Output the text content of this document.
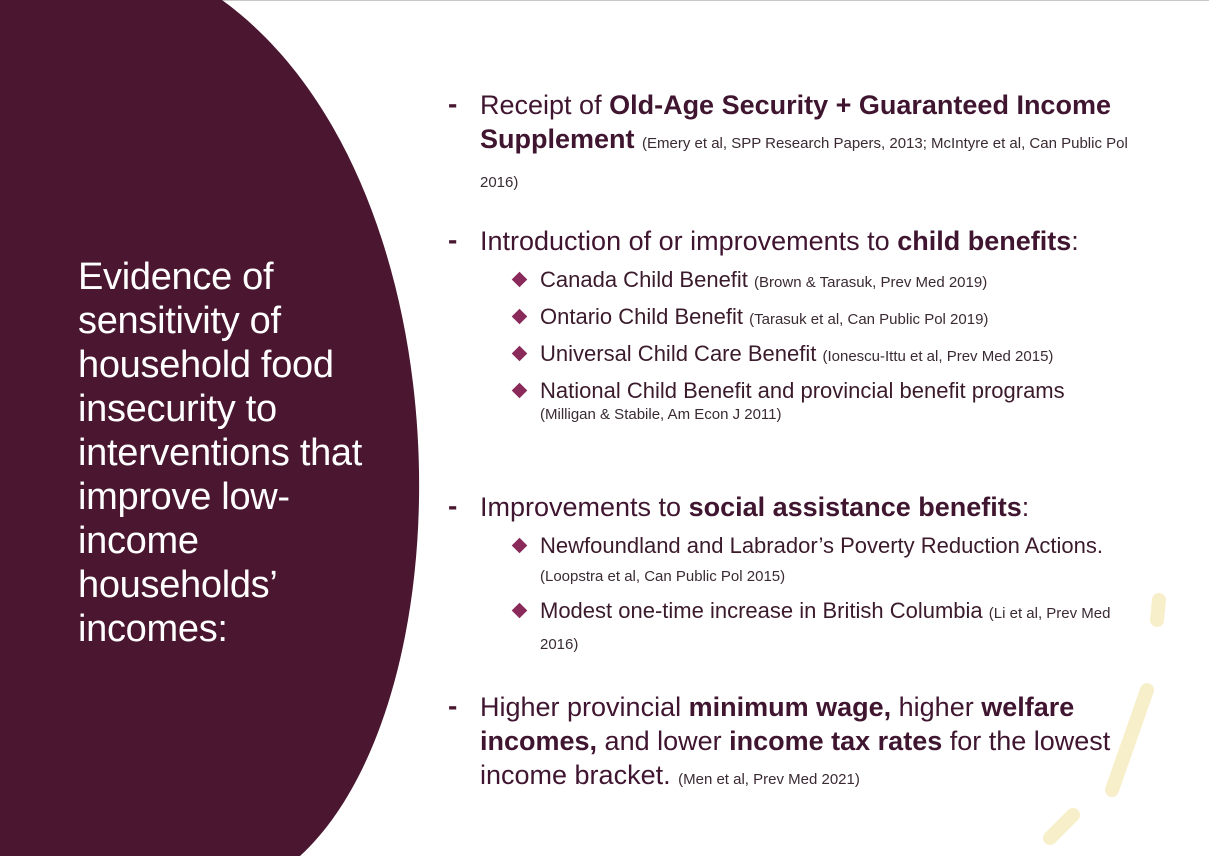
Evidence of sensitivity of household food insecurity to interventions that improve low-income households’ incomes:
- Receipt of Old-Age Security + Guaranteed Income Supplement (Emery et al, SPP Research Papers, 2013; McIntyre et al, Can Public Pol 2016)
- Introduction of or improvements to child benefits:
Canada Child Benefit (Brown & Tarasuk, Prev Med 2019)
Ontario Child Benefit (Tarasuk et al, Can Public Pol 2019)
Universal Child Care Benefit (Ionescu-Ittu et al, Prev Med 2015)
National Child Benefit and provincial benefit programs
(Milligan & Stabile, Am Econ J 2011)
- Improvements to social assistance benefits:
Newfoundland and Labrador’s Poverty Reduction Actions. (Loopstra et al, Can Public Pol 2015)
Modest one-time increase in British Columbia (Li et al, Prev Med 2016)
- Higher provincial minimum wage, higher welfare incomes, and lower income tax rates for the lowest income bracket. (Men et al, Prev Med 2021)
